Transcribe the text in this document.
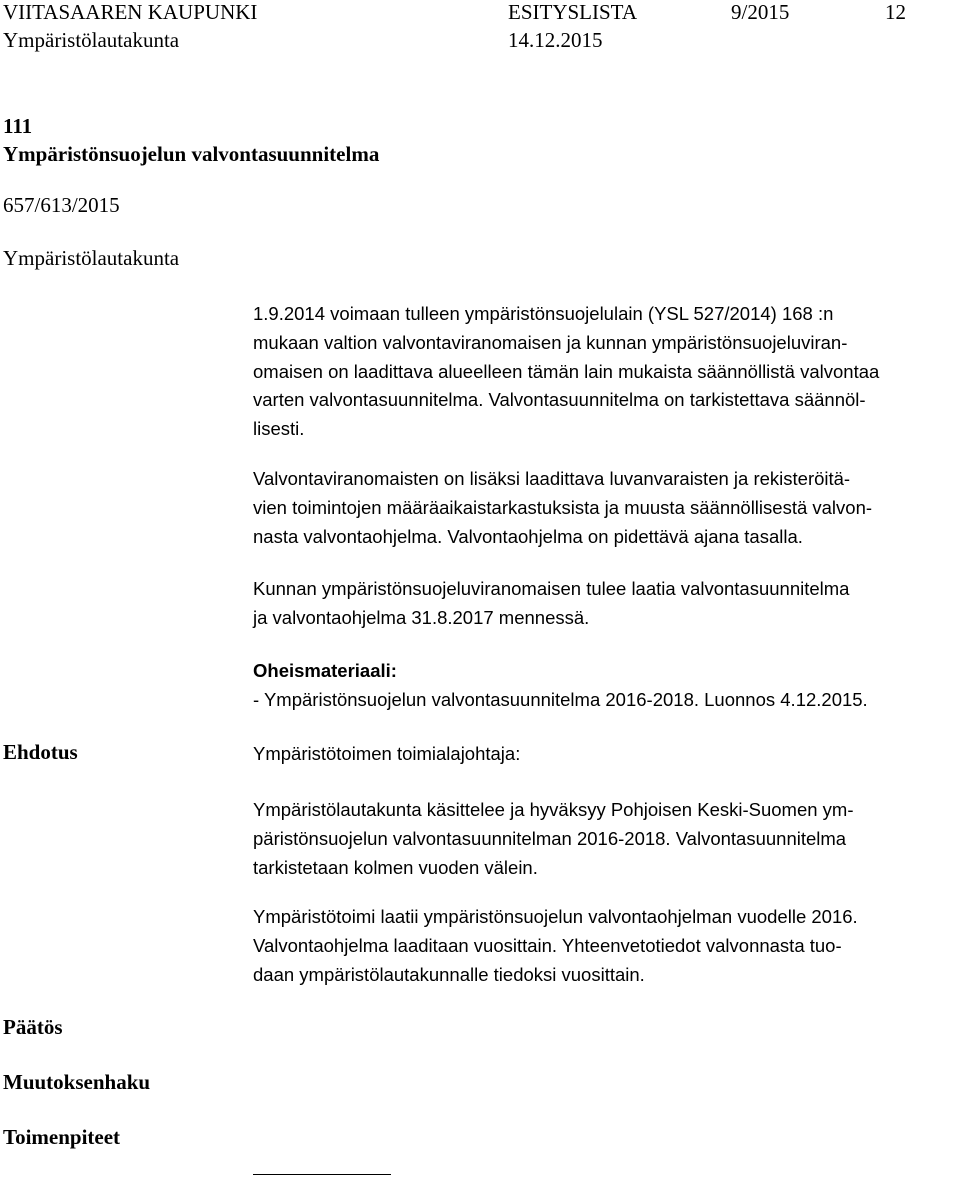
VIITASAAREN KAUPUNKI	ESITYSLISTA	9/2015	12
Ympäristölautakunta	14.12.2015
111
Ympäristönsuojelun valvontasuunnitelma
657/613/2015
Ympäristölautakunta
1.9.2014 voimaan tulleen ympäristönsuojelulain (YSL 527/2014) 168 :n
mukaan valtion valvontaviranomaisen ja kunnan ympäristönsuojeluviran-
omaisen on laadittava alueelleen tämän lain mukaista säännöllistä valvontaa
varten valvontasuunnitelma. Valvontasuunnitelma on tarkistettava säännöl-
lisesti.
Valvontaviranomaisten on lisäksi laadittava luvanvaraisten ja rekisteröitä-
vien toimintojen määräaikaistarkastuksista ja muusta säännöllisestä valvon-
nasta valvontaohjelma. Valvontaohjelma on pidettävä ajana tasalla.
Kunnan ympäristönsuojeluviranomaisen tulee laatia valvontasuunnitelma
ja valvontaohjelma 31.8.2017 mennessä.
Oheismateriaali:
- Ympäristönsuojelun valvontasuunnitelma 2016-2018. Luonnos 4.12.2015.
Ehdotus	Ympäristötoimen toimialajohtaja:
Ympäristölautakunta käsittelee ja hyväksyy Pohjoisen Keski-Suomen ym-
päristönsuojelun valvontasuunnitelman 2016-2018. Valvontasuunnitelma
tarkistetaan kolmen vuoden välein.
Ympäristötoimi laatii ympäristönsuojelun valvontaohjelman vuodelle 2016.
Valvontaohjelma laaditaan vuosittain. Yhteenvetotiedot valvonnasta tuo-
daan ympäristölautakunnalle tiedoksi vuosittain.
Päätös
Muutoksenhaku
Toimenpiteet
